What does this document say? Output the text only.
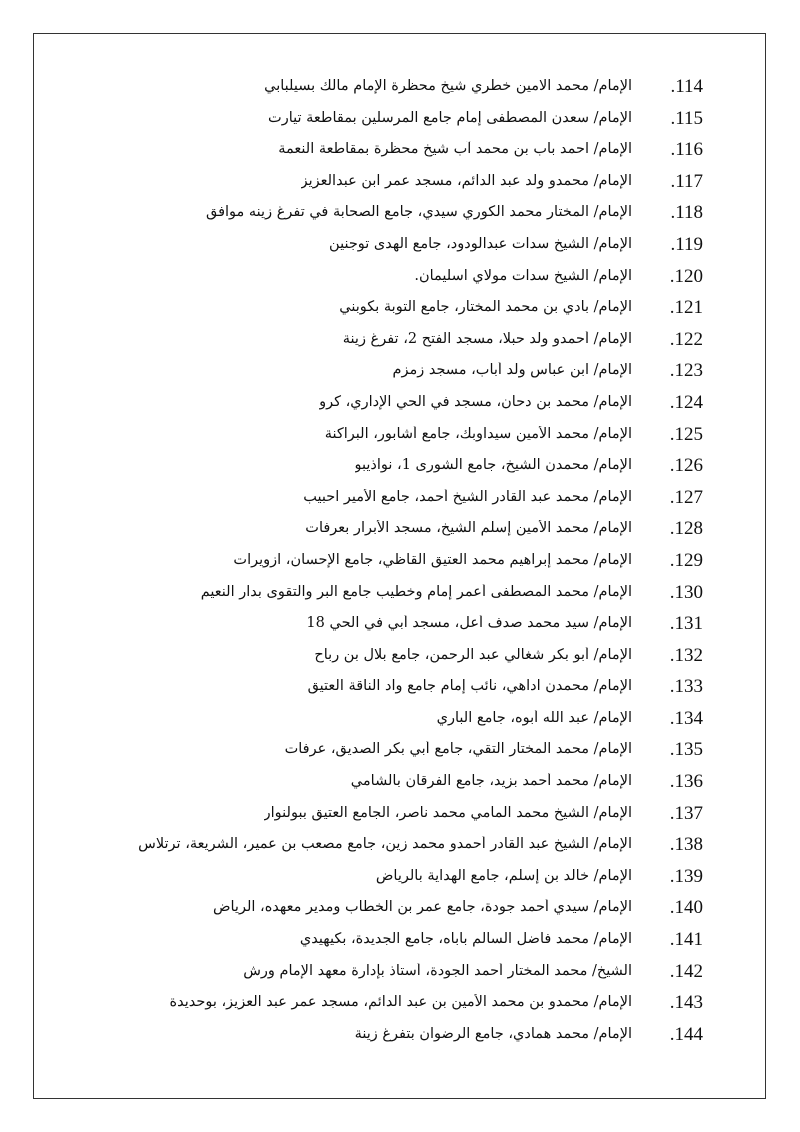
.114
الإمام/ محمد الامين خطري شيخ محظرة الإمام مالك بسيلبابي
.115
الإمام/ سعدن المصطفى إمام جامع المرسلين بمقاطعة تيارت
.116
الإمام/ احمد باب بن محمد آب شيخ محظرة بمقاطعة النعمة
.117
الإمام/ محمدو ولد عبد الدائم، مسجد عمر ابن عبدالعزيز
.118
الإمام/ المختار محمد الكوري سيدي، جامع الصحابة في تفرغ زينه موافق
.119
الإمام/ الشيخ سدات عبدالودود، جامع الهدى توجنين
.120
الإمام/ الشيخ سدات مولاي اسليمان.
.121
الإمام/ بادي بن محمد المختار، جامع التوبة بكوبني
.122
الإمام/ أحمدو ولد حبلا، مسجد الفتح 2، تفرغ زينة
.123
الإمام/ ابن عباس ولد أباب، مسجد زمزم
.124
الإمام/ محمد بن دحان، مسجد في الحي الإداري، كرو
.125
الإمام/ محمد الأمين سيداوبك، جامع أشابور، البراكنة
.126
الإمام/ محمدن الشيخ، جامع الشورى 1، نواذيبو
.127
الإمام/ محمد عبد القادر الشيخ أحمد، جامع الأمير احبيب
.128
الإمام/ محمد الأمين إسلم الشيخ، مسجد الأبرار بعرفات
.129
الإمام/ محمد إبراهيم محمد العتيق القاظي، جامع الإحسان، ازويرات
.130
الإمام/ محمد المصطفى أعمر إمام وخطيب جامع البر والتقوى بدار النعيم
.131
الإمام/ سيد محمد صدف أعل، مسجد أبي في الحي 18
.132
الإمام/ أبو بكر شغالي عبد الرحمن، جامع بلال بن رباح
.133
الإمام/ محمدن اداهي، نائب إمام جامع واد الناقة العتيق
.134
الإمام/ عبد الله أبوه، جامع الباري
.135
الإمام/ محمد المختار التقي، جامع أبي بكر الصديق، عرفات
.136
الإمام/ محمد أحمد بزيد، جامع الفرقان بالشامي
.137
الإمام/ الشيخ محمد المامي محمد ناصر، الجامع العتيق ببولنوار
.138
الإمام/ الشيخ عبد القادر أحمدو محمد زين، جامع مصعب بن عمير، الشريعة، ترتلاس
.139
الإمام/ خالد بن إسلم، جامع الهداية بالرياض
.140
الإمام/ سيدي أحمد جودة، جامع عمر بن الخطاب ومدير معهده، الرياض
.141
الإمام/ محمد فاضل السالم باباه، جامع الجديدة، بكيهيدي
.142
الشيخ/ محمد المختار أحمد الجودة، أستاذ بإدارة معهد الإمام ورش
.143
الإمام/ محمدو بن محمد الأمين بن عبد الدائم، مسجد عمر عبد العزيز، بوحديدة
.144
الإمام/ محمد همادي، جامع الرضوان بتفرغ زينة
